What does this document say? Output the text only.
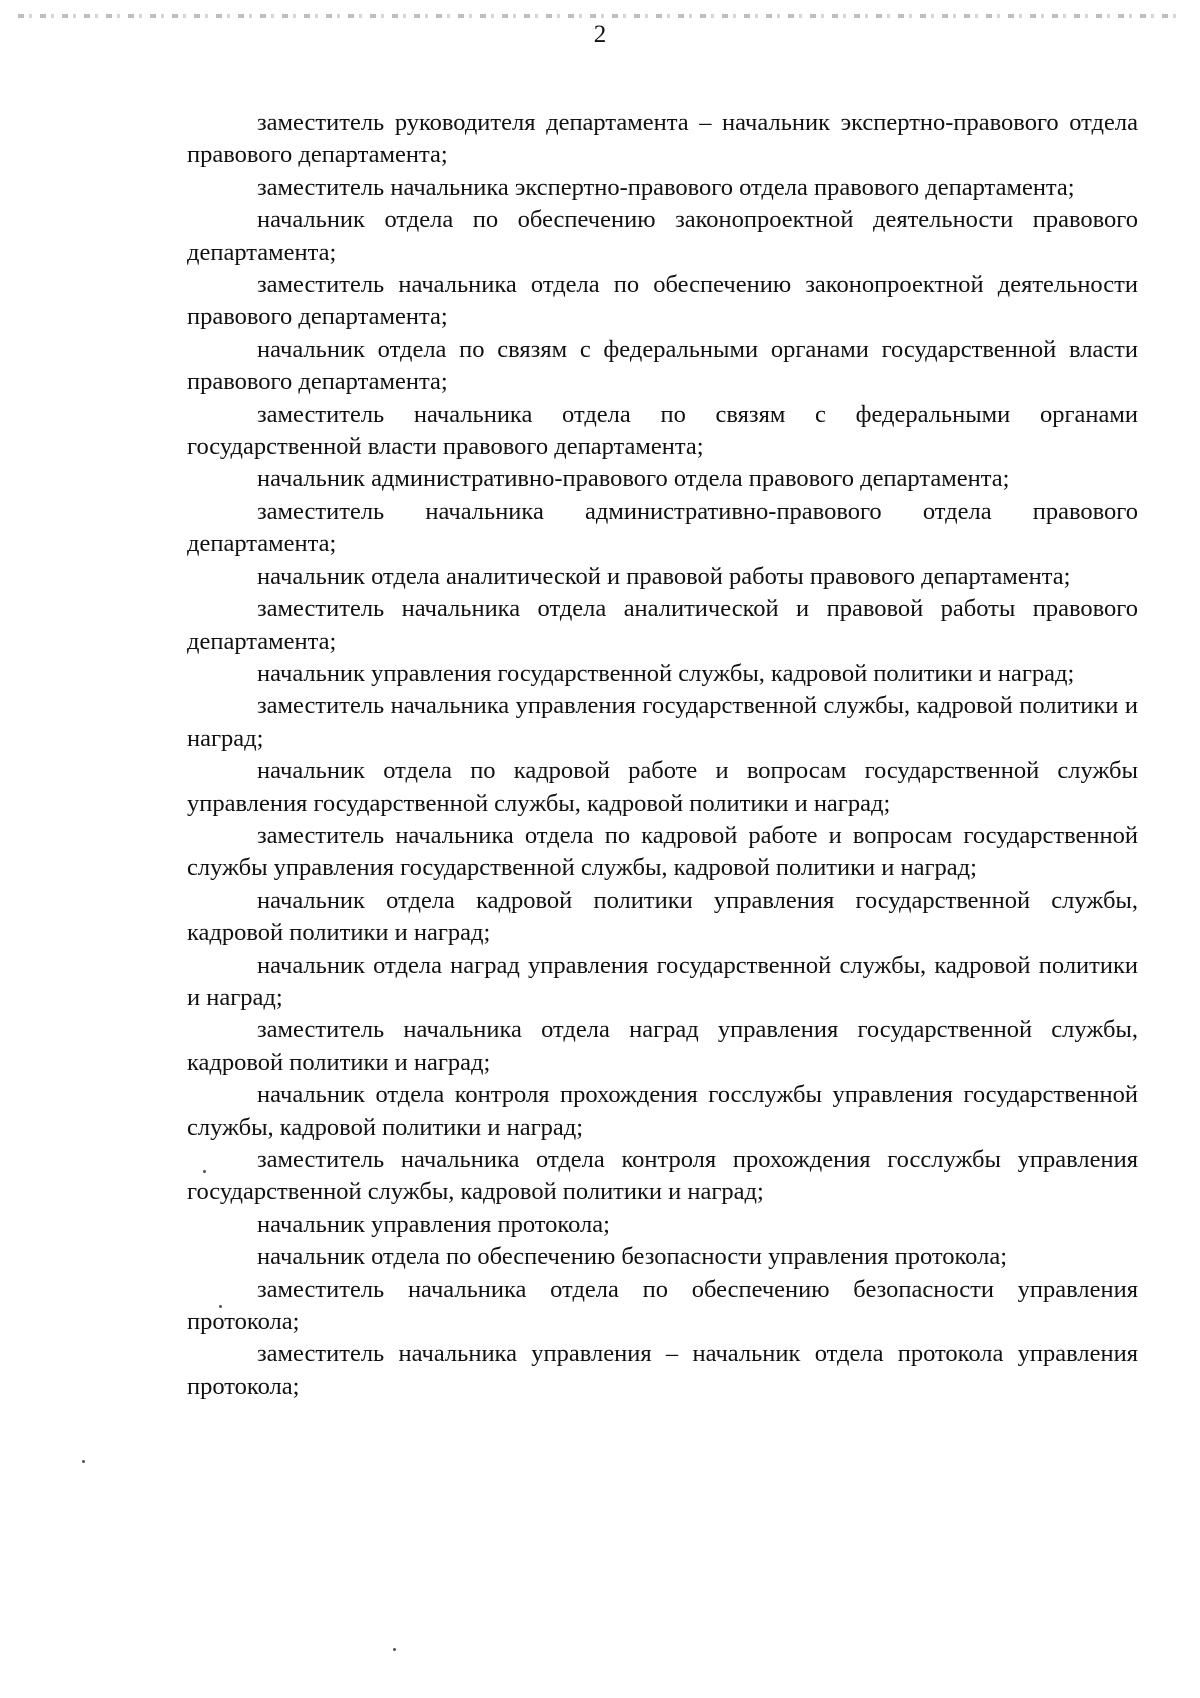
2

заместитель руководителя департамента – начальник экспертно-правового отдела правового департамента;

заместитель начальника экспертно-правового отдела правового департамента;

начальник отдела по обеспечению законопроектной деятельности правового департамента;

заместитель начальника отдела по обеспечению законопроектной деятельности правового департамента;

начальник отдела по связям с федеральными органами государственной власти правового департамента;

заместитель начальника отдела по связям с федеральными органами государственной власти правового департамента;

начальник административно-правового отдела правового департамента;

заместитель начальника административно-правового отдела правового департамента;

начальник отдела аналитической и правовой работы правового департамента;

заместитель начальника отдела аналитической и правовой работы правового департамента;

начальник управления государственной службы, кадровой политики и наград;

заместитель начальника управления государственной службы, кадровой политики и наград;

начальник отдела по кадровой работе и вопросам государственной службы управления государственной службы, кадровой политики и наград;

заместитель начальника отдела по кадровой работе и вопросам государственной службы управления государственной службы, кадровой политики и наград;

начальник отдела кадровой политики управления государственной службы, кадровой политики и наград;

начальник отдела наград управления государственной службы, кадровой политики и наград;

заместитель начальника отдела наград управления государственной службы, кадровой политики и наград;

начальник отдела контроля прохождения госслужбы управления государственной службы, кадровой политики и наград;

заместитель начальника отдела контроля прохождения госслужбы управления государственной службы, кадровой политики и наград;

начальник управления протокола;

начальник отдела по обеспечению безопасности управления протокола;

заместитель начальника отдела по обеспечению безопасности управления протокола;

заместитель начальника управления – начальник отдела протокола управления протокола;
